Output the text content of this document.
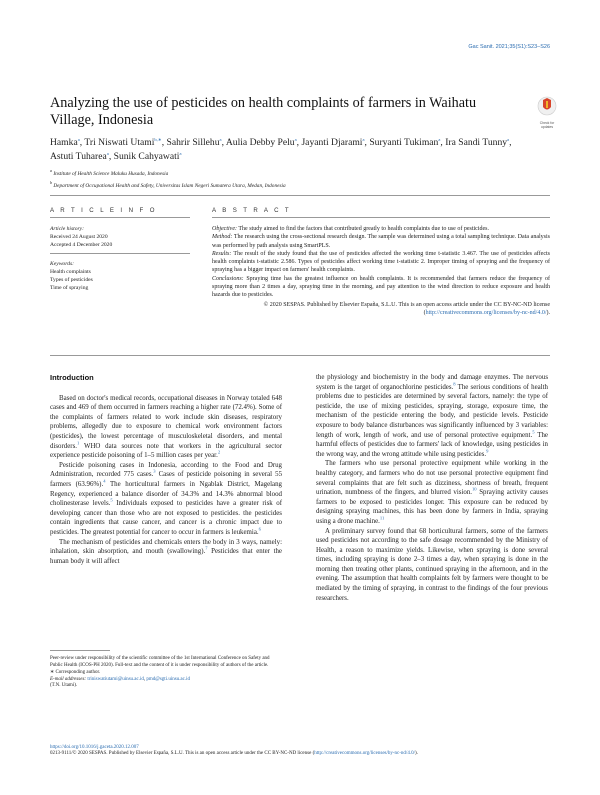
Gac Sanit. 2021;35(S1):S23–S26
Check for updates
Analyzing the use of pesticides on health complaints of farmers in Waihatu Village, Indonesia
Hamka$^a$, Tri Niswati Utami$^{b,∗}$, Sahrir Sillehu$^a$, Aulia Debby Pelu$^a$, Jayanti Djarami$^a$, Suryanti Tukiman$^a$, Ira Sandi Tunny$^a$, Astuti Tuharea$^a$, Sunik Cahyawati$^a$
$^a$ Institute of Health Science Maluku Husada, Indonesia
$^b$ Department of Occupational Health and Safety, Universitas Islam Negeri Sumatera Utara, Medan, Indonesia
A R T I C L E I N F O
Article history:
Received 24 August 2020
Accepted 4 December 2020
Keywords:
Health complaints
Types of pesticides
Time of spraying
A B S T R A C T

Objective: The study aimed to find the factors that contributed greatly to health complaints due to use of pesticides.

Method: The research using the cross-sectional research design. The sample was determined using a total sampling technique. Data analysis was performed by path analysis using SmartPLS.

Results: The result of the study found that the use of pesticides affected the working time t-statistic 3.467. The use of pesticides affects health complaints t-statistic 2.586. Types of pesticides affect working time t-statistic 2. Improper timing of spraying and the frequency of spraying has a bigger impact on farmers' health complaints.

Conclusions: Spraying time has the greatest influence on health complaints. It is recommended that farmers reduce the frequency of spraying more than 2 times a day, spraying time in the morning, and pay attention to the wind direction to reduce exposure and health hazards due to pesticides.

© 2020 SESPAS. Published by Elsevier España, S.L.U. This is an open access article under the CC BY-NC-ND license (http://creativecommons.org/licenses/by-nc-nd/4.0/).

Introduction

Based on doctor's medical records, occupational diseases in Norway totaled 648 cases and 469 of them occurred in farmers reaching a higher rate (72.4%). Some of the complaints of farmers related to work include skin diseases, respiratory problems, allegedly due to exposure to chemical work environment factors (pesticides), the lowest percentage of musculoskeletal disorders, and mental disorders.$^1$ WHO data sources note that workers in the agricultural sector experience pesticide poisoning of 1–5 million cases per year.$^2$

Pesticide poisoning cases in Indonesia, according to the Food and Drug Administration, recorded 775 cases.$^3$ Cases of pesticide poisoning in several 55 farmers (63.96%).$^4$ The horticultural farmers in Ngablak District, Magelang Regency, experienced a balance disorder of 34.3% and 14.3% abnormal blood cholinesterase levels.$^5$ Individuals exposed to pesticides have a greater risk of developing cancer than those who are not exposed to pesticides. the pesticides contain ingredients that cause cancer, and cancer is a chronic impact due to pesticides. The greatest potential for cancer to occur in farmers is leukemia.$^6$

The mechanism of pesticides and chemicals enters the body in 3 ways, namely: inhalation, skin absorption, and mouth (swallowing).$^7$ Pesticides that enter the human body it will affect

the physiology and biochemistry in the body and damage enzymes. The nervous system is the target of organochlorine pesticides.$^8$ The serious conditions of health problems due to pesticides are determined by several factors, namely: the type of pesticide, the use of mixing pesticides, spraying, storage, exposure time, the mechanism of the pesticide entering the body, and pesticide levels. Pesticide exposure to body balance disturbances was significantly influenced by 3 variables: length of work, length of work, and use of personal protective equipment.$^5$ The harmful effects of pesticides due to farmers' lack of knowledge, using pesticides in the wrong way, and the wrong attitude while using pesticides.$^9$

The farmers who use personal protective equipment while working in the healthy category, and farmers who do not use personal protective equipment find several complaints that are felt such as dizziness, shortness of breath, frequent urination, numbness of the fingers, and blurred vision.$^{10}$ Spraying activity causes farmers to be exposed to pesticides longer. This exposure can be reduced by designing spraying machines, this has been done by farmers in India, spraying using a drone machine.$^{11}$

A preliminary survey found that 68 horticultural farmers, some of the farmers used pesticides not according to the safe dosage recommended by the Ministry of Health, a reason to maximize yields. Likewise, when spraying is done several times, including spraying is done 2–3 times a day, when spraying is done in the morning then treating other plants, continued spraying in the afternoon, and in the evening. The assumption that health complaints felt by farmers were thought to be mediated by the timing of spraying, in contrast to the findings of the four previous researchers.

Peer-review under responsibility of the scientific committee of the 1st International Conference on Safety and Public Health (ICOS-PH 2020). Full-text and the content of it is under responsibility of authors of the article.
∗ Corresponding author.
E-mail addresses: triniswatiutami@uinsu.ac.id, pmd@sgti.uinsu.ac.id
(T.N. Utami).
https://doi.org/10.1016/j.gaceta.2020.12.007
0213-9111/© 2020 SESPAS. Published by Elsevier España, S.L.U. This is an open access article under the CC BY-NC-ND license (http://creativecommons.org/licenses/by-nc-nd/4.0/).
